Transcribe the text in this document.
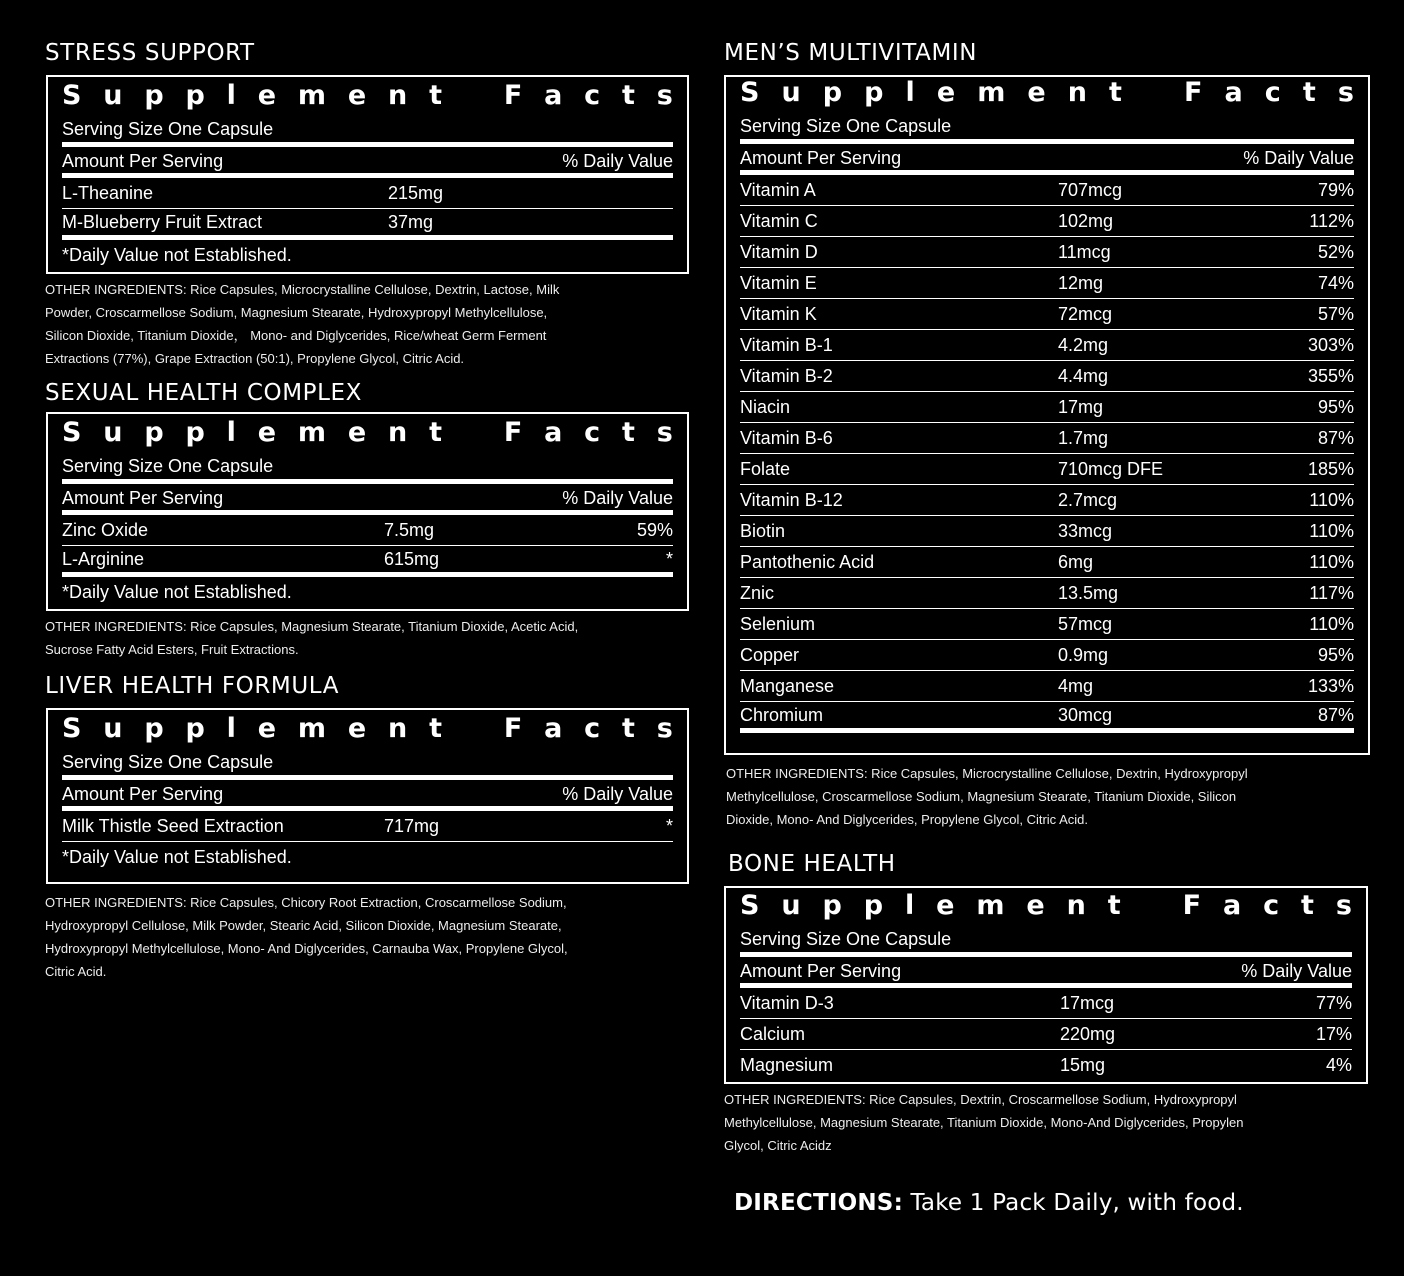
STRESS SUPPORT
S u p p l e m e n t F a c t s
Serving Size One Capsule
Amount Per Serving	% Daily Value
L-Theanine	215mg
M-Blueberry Fruit Extract	37mg
*Daily Value not Established.
OTHER INGREDIENTS: Rice Capsules, Microcrystalline Cellulose, Dextrin, Lactose, Milk
Powder, Croscarmellose Sodium, Magnesium Stearate, Hydroxypropyl Methylcellulose,
Silicon Dioxide, Titanium Dioxide， Mono- and Diglycerides, Rice/wheat Germ Ferment
Extractions (77%), Grape Extraction (50:1), Propylene Glycol, Citric Acid.
SEXUAL HEALTH COMPLEX
S u p p l e m e n t F a c t s
Serving Size One Capsule
Amount Per Serving	% Daily Value
Zinc Oxide	7.5mg	59%
L-Arginine	615mg	*
*Daily Value not Established.
OTHER INGREDIENTS: Rice Capsules, Magnesium Stearate, Titanium Dioxide, Acetic Acid,
Sucrose Fatty Acid Esters, Fruit Extractions.
LIVER HEALTH FORMULA
S u p p l e m e n t F a c t s
Serving Size One Capsule
Amount Per Serving	% Daily Value
Milk Thistle Seed Extraction	717mg	*
*Daily Value not Established.
OTHER INGREDIENTS: Rice Capsules, Chicory Root Extraction, Croscarmellose Sodium,
Hydroxypropyl Cellulose, Milk Powder, Stearic Acid, Silicon Dioxide, Magnesium Stearate,
Hydroxypropyl Methylcellulose, Mono- And Diglycerides, Carnauba Wax, Propylene Glycol,
Citric Acid.
MEN’S MULTIVITAMIN
S u p p l e m e n t F a c t s
Serving Size One Capsule
Amount Per Serving	% Daily Value
Vitamin A	707mcg	79%
Vitamin C	102mg	112%
Vitamin D	11mcg	52%
Vitamin E	12mg	74%
Vitamin K	72mcg	57%
Vitamin B-1	4.2mg	303%
Vitamin B-2	4.4mg	355%
Niacin	17mg	95%
Vitamin B-6	1.7mg	87%
Folate	710mcg DFE	185%
Vitamin B-12	2.7mcg	110%
Biotin	33mcg	110%
Pantothenic Acid	6mg	110%
Znic	13.5mg	117%
Selenium	57mcg	110%
Copper	0.9mg	95%
Manganese	4mg	133%
Chromium	30mcg	87%
OTHER INGREDIENTS: Rice Capsules, Microcrystalline Cellulose, Dextrin, Hydroxypropyl
Methylcellulose, Croscarmellose Sodium, Magnesium Stearate, Titanium Dioxide, Silicon
Dioxide, Mono- And Diglycerides, Propylene Glycol, Citric Acid.
BONE HEALTH
S u p p l e m e n t F a c t s
Serving Size One Capsule
Amount Per Serving	% Daily Value
Vitamin D-3	17mcg	77%
Calcium	220mg	17%
Magnesium	15mg	4%
OTHER INGREDIENTS: Rice Capsules, Dextrin, Croscarmellose Sodium, Hydroxypropyl
Methylcellulose, Magnesium Stearate, Titanium Dioxide, Mono-And Diglycerides, Propylen
Glycol, Citric Acidz
DIRECTIONS: Take 1 Pack Daily, with food.
